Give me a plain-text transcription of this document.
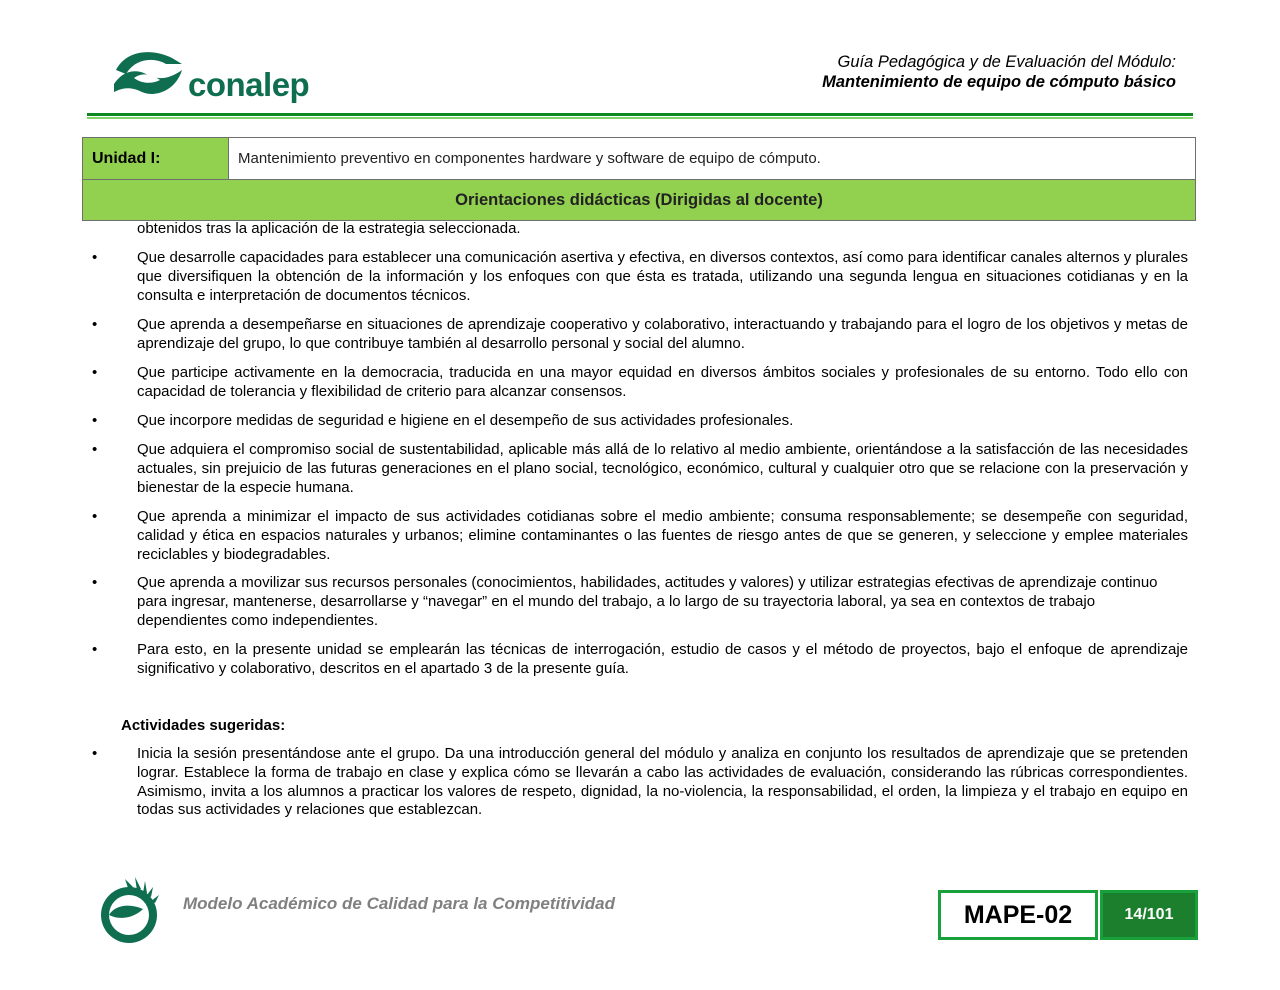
conalep
Guía Pedagógica y de Evaluación del Módulo:
Mantenimiento de equipo de cómputo básico
Unidad I:	Mantenimiento preventivo en componentes hardware y software de equipo de cómputo.
Orientaciones didácticas (Dirigidas al docente)
obtenidos tras la aplicación de la estrategia seleccionada.
•	Que desarrolle capacidades para establecer una comunicación asertiva y efectiva, en diversos contextos, así como para identificar canales alternos y plurales que diversifiquen la obtención de la información y los enfoques con que ésta es tratada, utilizando una segunda lengua en situaciones cotidianas y en la consulta e interpretación de documentos técnicos.
•	Que aprenda a desempeñarse en situaciones de aprendizaje cooperativo y colaborativo, interactuando y trabajando para el logro de los objetivos y metas de aprendizaje del grupo, lo que contribuye también al desarrollo personal y social del alumno.
•	Que participe activamente en la democracia, traducida en una mayor equidad en diversos ámbitos sociales y profesionales de su entorno. Todo ello con capacidad de tolerancia y flexibilidad de criterio para alcanzar consensos.
•	Que incorpore medidas de seguridad e higiene en el desempeño de sus actividades profesionales.
•	Que adquiera el compromiso social de sustentabilidad, aplicable más allá de lo relativo al medio ambiente, orientándose a la satisfacción de las necesidades actuales, sin prejuicio de las futuras generaciones en el plano social, tecnológico, económico, cultural y cualquier otro que se relacione con la preservación y bienestar de la especie humana.
•	Que aprenda a minimizar el impacto de sus actividades cotidianas sobre el medio ambiente; consuma responsablemente; se desempeñe con seguridad, calidad y ética en espacios naturales y urbanos; elimine contaminantes o las fuentes de riesgo antes de que se generen, y seleccione y emplee materiales reciclables y biodegradables.
•	Que aprenda a movilizar sus recursos personales (conocimientos, habilidades, actitudes y valores) y utilizar estrategias efectivas de aprendizaje continuo para ingresar, mantenerse, desarrollarse y “navegar” en el mundo del trabajo, a lo largo de su trayectoria laboral, ya sea en contextos de trabajo dependientes como independientes.
•	Para esto, en la presente unidad se emplearán las técnicas de interrogación, estudio de casos y el método de proyectos, bajo el enfoque de aprendizaje significativo y colaborativo, descritos en el apartado 3 de la presente guía.
Actividades sugeridas:
•	Inicia la sesión presentándose ante el grupo. Da una introducción general del módulo y analiza en conjunto los resultados de aprendizaje que se pretenden lograr. Establece la forma de trabajo en clase y explica cómo se llevarán a cabo las actividades de evaluación, considerando las rúbricas correspondientes. Asimismo, invita a los alumnos a practicar los valores de respeto, dignidad, la no-violencia, la responsabilidad, el orden, la limpieza y el trabajo en equipo en todas sus actividades y relaciones que establezcan.
Modelo Académico de Calidad para la Competitividad	MAPE-02	14/101
